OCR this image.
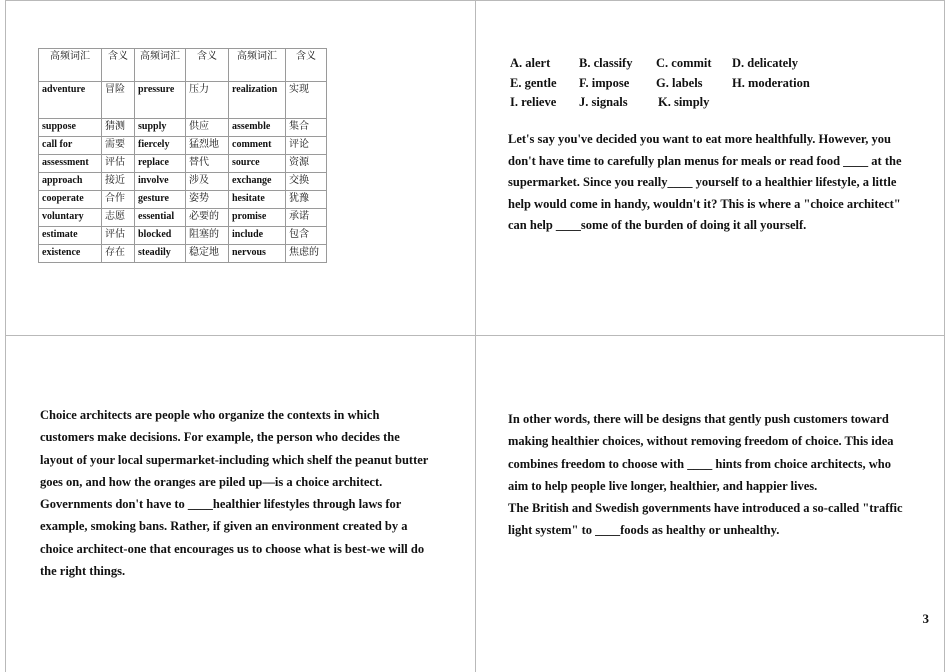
高频词汇	含义	高频词汇	含义	高频词汇	含义
adventure	冒险	pressure	压力	realization	实现
suppose	猜测	supply	供应	assemble	集合
call for	需要	fiercely	猛烈地	comment	评论
assessment	评估	replace	替代	source	资源
approach	接近	involve	涉及	exchange	交换
cooperate	合作	gesture	姿势	hesitate	犹豫
voluntary	志愿	essential	必要的	promise	承诺
estimate	评估	blocked	阻塞的	include	包含
existence	存在	steadily	稳定地	nervous	焦虑的
A. alert B. classify C. commit D. delicately
E. gentle F. impose G. labels H. moderation
I. relieve J. signals K. simply
Let's say you've decided you want to eat more healthfully. However, you don't have time to carefully plan menus for meals or read food ____ at the supermarket. Since you really____ yourself to a healthier lifestyle, a little help would come in handy, wouldn't it? This is where a "choice architect" can help ____some of the burden of doing it all yourself.
Choice architects are people who organize the contexts in which customers make decisions. For example, the person who decides the layout of your local supermarket-including which shelf the peanut butter goes on, and how the oranges are piled up—is a choice architect. Governments don't have to ____healthier lifestyles through laws for example, smoking bans. Rather, if given an environment created by a choice architect-one that encourages us to choose what is best-we will do the right things.
In other words, there will be designs that gently push customers toward making healthier choices, without removing freedom of choice. This idea combines freedom to choose with ____ hints from choice architects, who aim to help people live longer, healthier, and happier lives.
The British and Swedish governments have introduced a so-called "traffic light system" to ____foods as healthy or unhealthy.
3
